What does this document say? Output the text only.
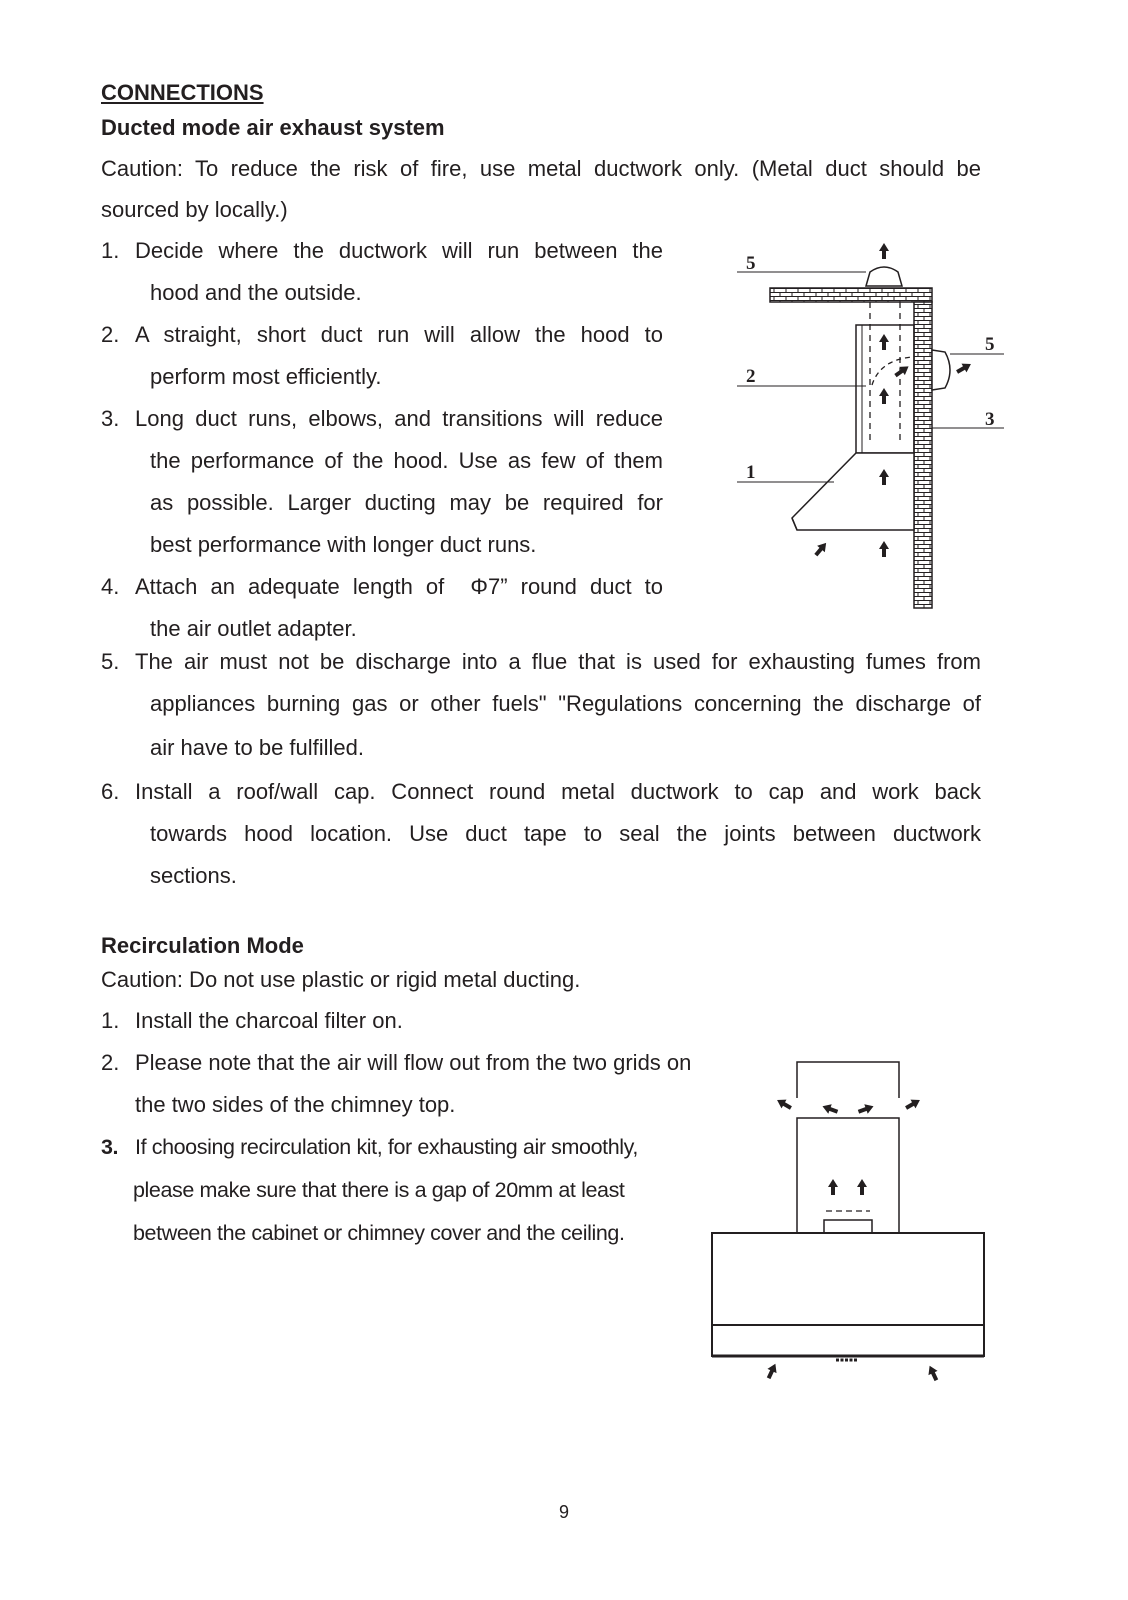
CONNECTIONS
Ducted mode air exhaust system
Caution: To reduce the risk of fire, use metal ductwork only. (Metal duct should be
sourced by locally.)
1. Decide where the ductwork will run between the
hood and the outside.
2. A straight, short duct run will allow the hood to
perform most efficiently.
3. Long duct runs, elbows, and transitions will reduce
the performance of the hood. Use as few of them
as possible. Larger ducting may be required for
best performance with longer duct runs.
4. Attach an adequate length of  Φ7” round duct to
the air outlet adapter.
5. The air must not be discharge into a flue that is used for exhausting fumes from
appliances burning gas or other fuels" "Regulations concerning the discharge of
air have to be fulfilled.
6. Install a roof/wall cap. Connect round metal ductwork to cap and work back
towards hood location. Use duct tape to seal the joints between ductwork
sections.
Recirculation Mode
Caution: Do not use plastic or rigid metal ducting.
1. Install the charcoal filter on.
2. Please note that the air will flow out from the two grids on
the two sides of the chimney top.
3. If choosing recirculation kit, for exhausting air smoothly,
please make sure that there is a gap of 20mm at least
between the cabinet or chimney cover and the ceiling.
5
2
1
5
3
9
